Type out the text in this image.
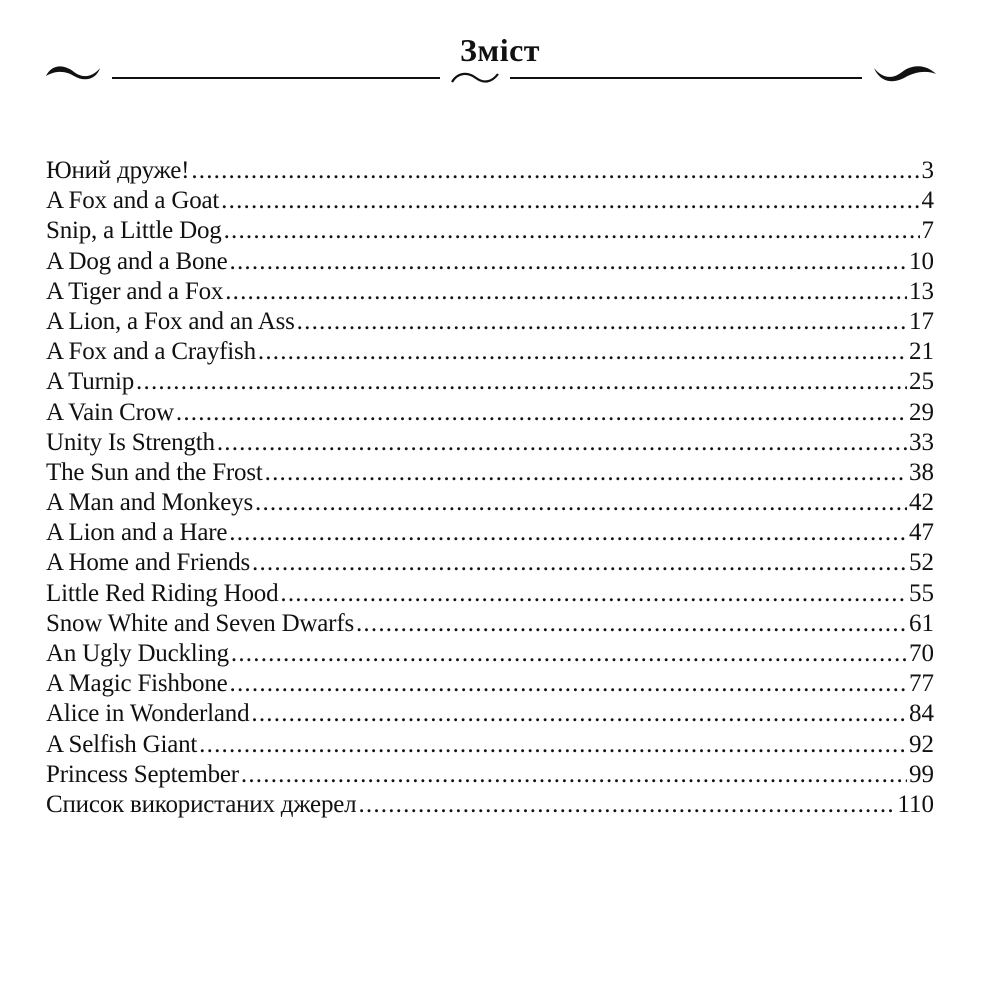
Зміст
Юний друже! .....	3
A Fox and a Goat .....	4
Snip, a Little Dog .....	7
A Dog and a Bone .....	10
A Tiger and a Fox .....	13
A Lion, a Fox and an Ass .....	17
A Fox and a Crayfish .....	21
A Turnip .....	25
A Vain Crow .....	29
Unity Is Strength .....	33
The Sun and the Frost .....	38
A Man and Monkeys .....	42
A Lion and a Hare .....	47
A Home and Friends .....	52
Little Red Riding Hood .....	55
Snow White and Seven Dwarfs .....	61
An Ugly Duckling .....	70
A Magic Fishbone .....	77
Alice in Wonderland .....	84
A Selfish Giant .....	92
Princess September .....	99
Список використаних джерел .....	110
